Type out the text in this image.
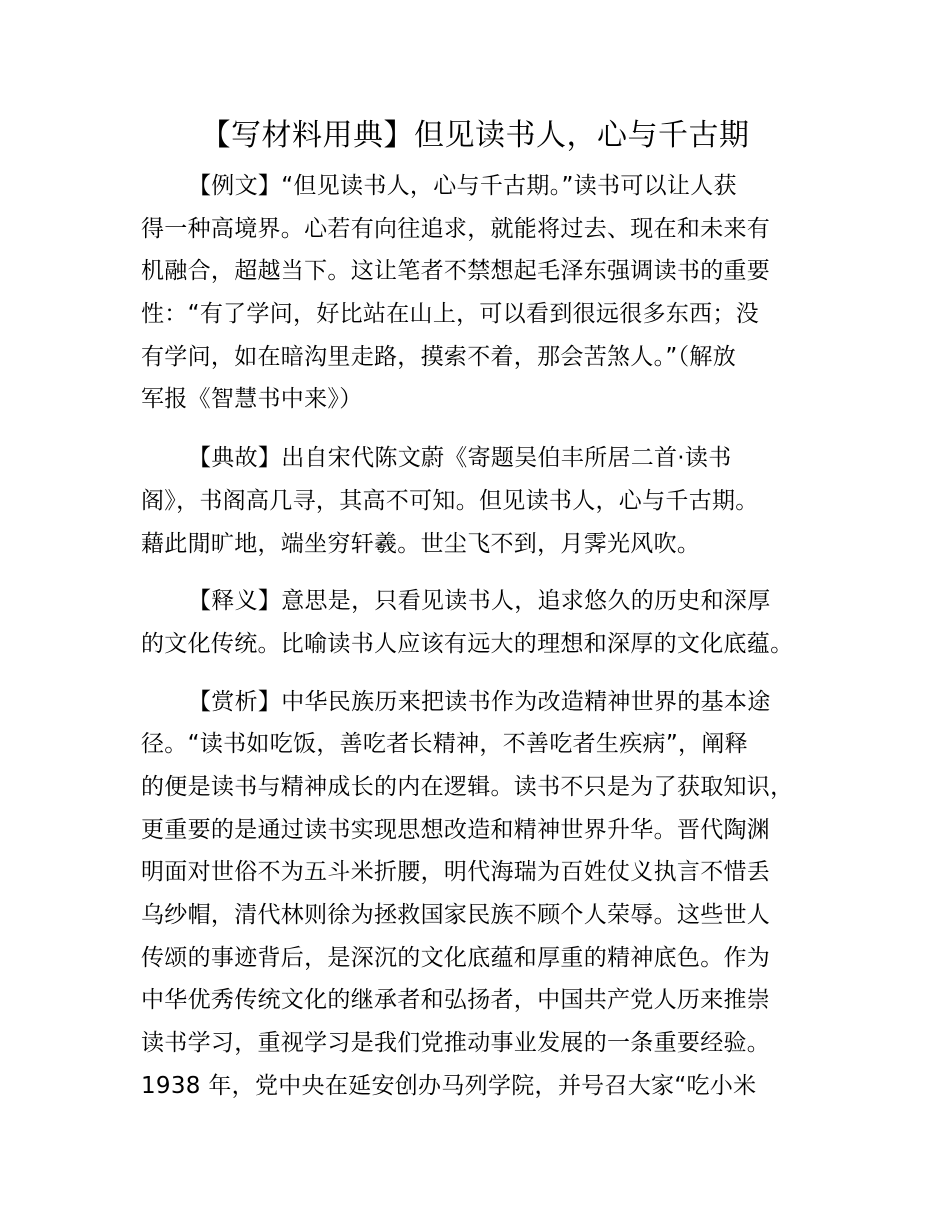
【写材料用典】但见读书人，心与千古期
【例文】“但见读书人，心与千古期。”读书可以让人获
得一种高境界。心若有向往追求，就能将过去、现在和未来有
机融合，超越当下。这让笔者不禁想起毛泽东强调读书的重要
性：“有了学问，好比站在山上，可以看到很远很多东西；没
有学问，如在暗沟里走路，摸索不着，那会苦煞人。”（解放
军报《智慧书中来》）
【典故】出自宋代陈文蔚《寄题吴伯丰所居二首·读书
阁》，书阁高几寻，其高不可知。但见读书人，心与千古期。
藉此閒旷地，端坐穷轩羲。世尘飞不到，月霁光风吹。
【释义】意思是，只看见读书人，追求悠久的历史和深厚
的文化传统。比喻读书人应该有远大的理想和深厚的文化底蕴。
【赏析】中华民族历来把读书作为改造精神世界的基本途
径。“读书如吃饭，善吃者长精神，不善吃者生疾病”，阐释
的便是读书与精神成长的内在逻辑。读书不只是为了获取知识，
更重要的是通过读书实现思想改造和精神世界升华。晋代陶渊
明面对世俗不为五斗米折腰，明代海瑞为百姓仗义执言不惜丢
乌纱帽，清代林则徐为拯救国家民族不顾个人荣辱。这些世人
传颂的事迹背后，是深沉的文化底蕴和厚重的精神底色。作为
中华优秀传统文化的继承者和弘扬者，中国共产党人历来推崇
读书学习，重视学习是我们党推动事业发展的一条重要经验。
1938 年，党中央在延安创办马列学院，并号召大家“吃小米
